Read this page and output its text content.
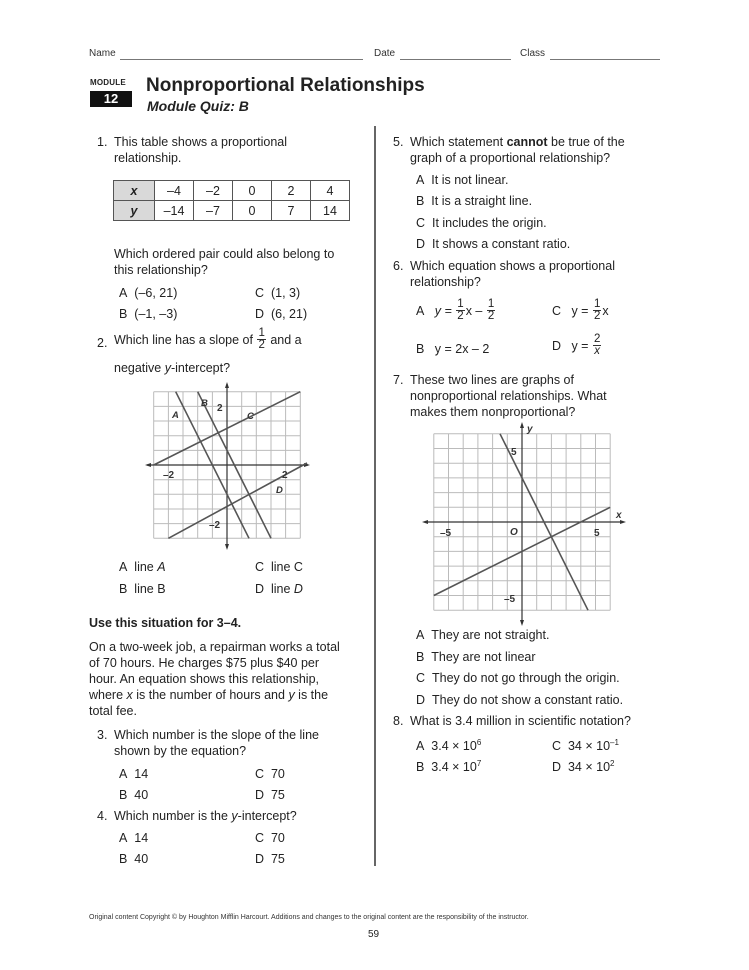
Name	Date	Class
MODULE
12
Nonproportional Relationships
Module Quiz: B
1. This table shows a proportional
relationship.
x	–4	–2	0	2	4
y	–14	–7	0	7	14
Which ordered pair could also belong to
this relationship?
A (–6, 21)
B (–1, –3)
C (1, 3)
D (6, 21)
2. Which line has a slope of
$\frac{1}{2}$
and a
negative y-intercept?
–2	2
2
–2
A
B
C
D
A line A
B line B
C line C
D line D
Use this situation for 3–4.
On a two-week job, a repairman works a total
of 70 hours. He charges $75 plus $40 per
hour. An equation shows this relationship,
where x is the number of hours and y is the
total fee.
3. Which number is the slope of the line
shown by the equation?
A 14
B 40
C 70
D 75
4. Which number is the y-intercept?
A 14
B 40
C 70
D 75
5. Which statement cannot be true of the
graph of a proportional relationship?
A It is not linear.
B It is a straight line.
C It includes the origin.
D It shows a constant ratio.
6. Which equation shows a proportional
relationship?
A
y =
$\frac{1}{2}$ x –
$\frac{1}{2}$
B y = 2x – 2
C
y =
$\frac{1}{2}$ x
D
y =
$\frac{2}{x}$
7. These two lines are graphs of
nonproportional relationships. What
makes them nonproportional?
–5	5
5
–5
O
x
y
A They are not straight.
B They are not linear
C They do not go through the origin.
D They do not show a constant ratio.
8. What is 3.4 million in scientific notation?
A $3.4 \times 10^6$
B $3.4 \times 10^7$
C $34 \times 10^{-1}$
D $34 \times 10^2$
Original content Copyright © by Houghton Mifflin Harcourt. Additions and changes to the original content are the responsibility of the instructor.
59
